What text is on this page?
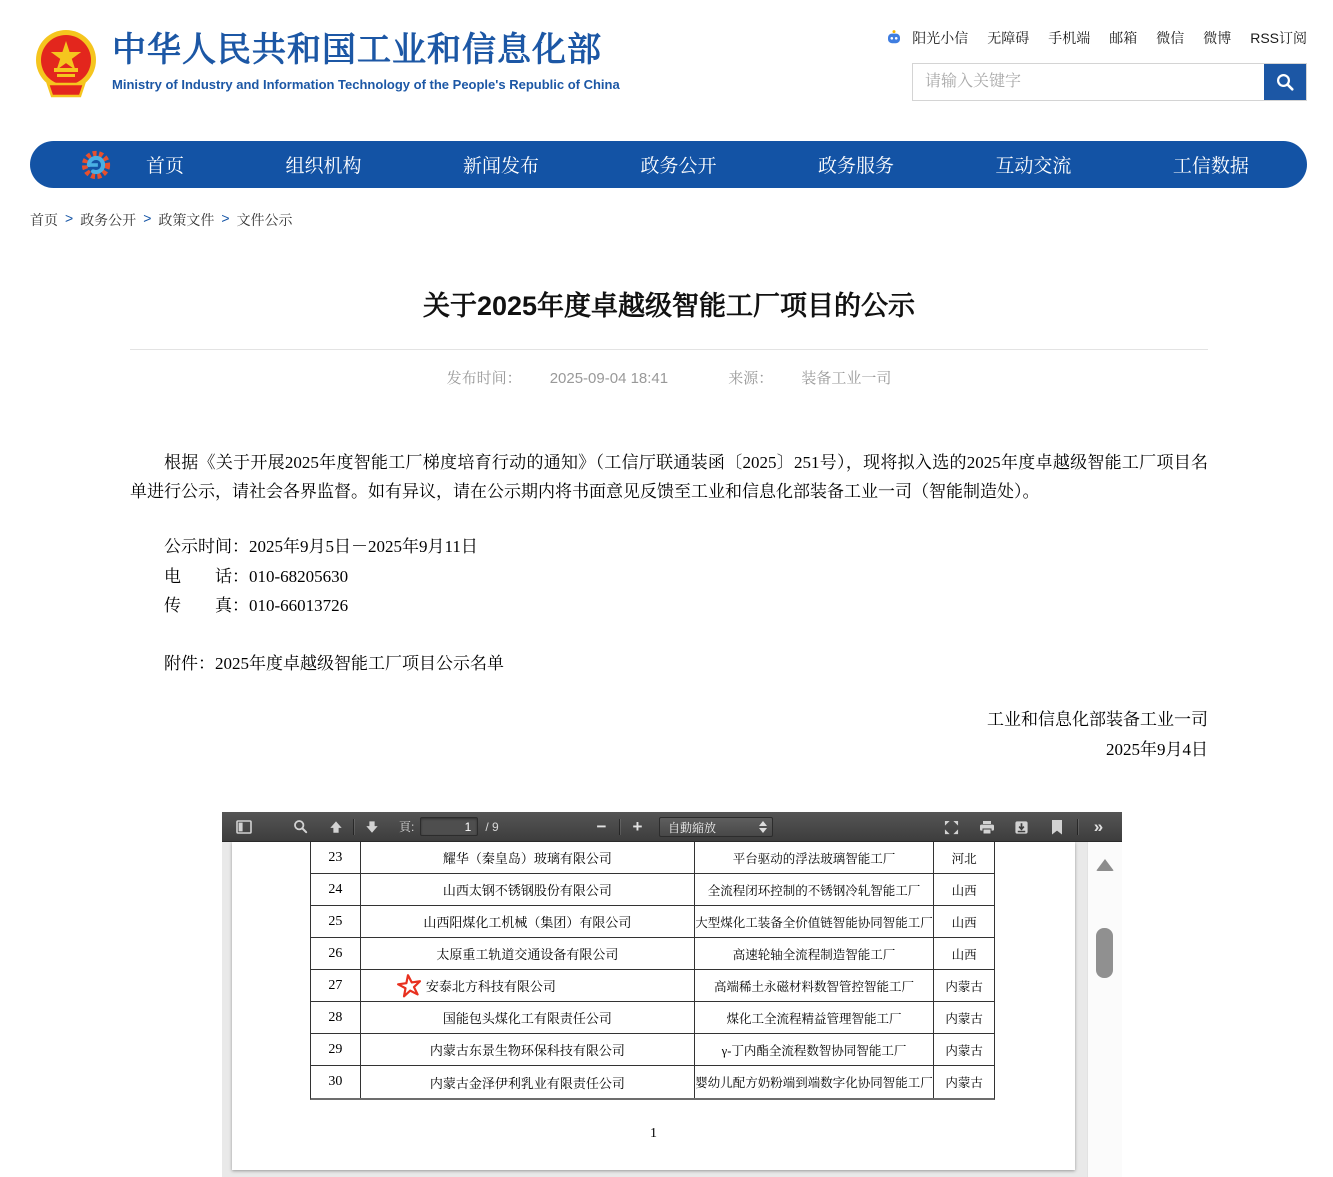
中华人民共和国工业和信息化部
Ministry of Industry and Information Technology of the People's Republic of China
阳光小信 无障碍 手机端 邮箱 微信 微博 RSS订阅
请输入关键字
首页	组织机构	新闻发布	政务公开	政务服务	互动交流	工信数据
首页 > 政务公开 > 政策文件 > 文件公示
关于2025年度卓越级智能工厂项目的公示
发布时间： 2025-09-04 18:41	来源： 装备工业一司

根据《关于开展2025年度智能工厂梯度培育行动的通知》（工信厅联通装函〔2025〕251号），现将拟入选的2025年度卓越级智能工厂项目名单进行公示，请社会各界监督。如有异议，请在公示期内将书面意见反馈至工业和信息化部装备工业一司（智能制造处）。

公示时间：2025年9月5日－2025年9月11日
电　　话：010-68205630
传　　真：010-66013726
附件：2025年度卓越级智能工厂项目公示名单
工业和信息化部装备工业一司
2025年9月4日
頁:
1	/ 9	−	+	自動縮放	»
23	耀华（秦皇岛）玻璃有限公司	平台驱动的浮法玻璃智能工厂	河北
24	山西太钢不锈钢股份有限公司	全流程闭环控制的不锈钢冷轧智能工厂	山西
25	山西阳煤化工机械（集团）有限公司	大型煤化工装备全价值链智能协同智能工厂	山西
26	太原重工轨道交通设备有限公司	高速轮轴全流程制造智能工厂	山西
27	安泰北方科技有限公司	高端稀土永磁材料数智管控智能工厂	内蒙古
28	国能包头煤化工有限责任公司	煤化工全流程精益管理智能工厂	内蒙古
29	内蒙古东景生物环保科技有限公司	γ-丁内酯全流程数智协同智能工厂	内蒙古
30	内蒙古金泽伊利乳业有限责任公司	婴幼儿配方奶粉端到端数字化协同智能工厂	内蒙古
1
